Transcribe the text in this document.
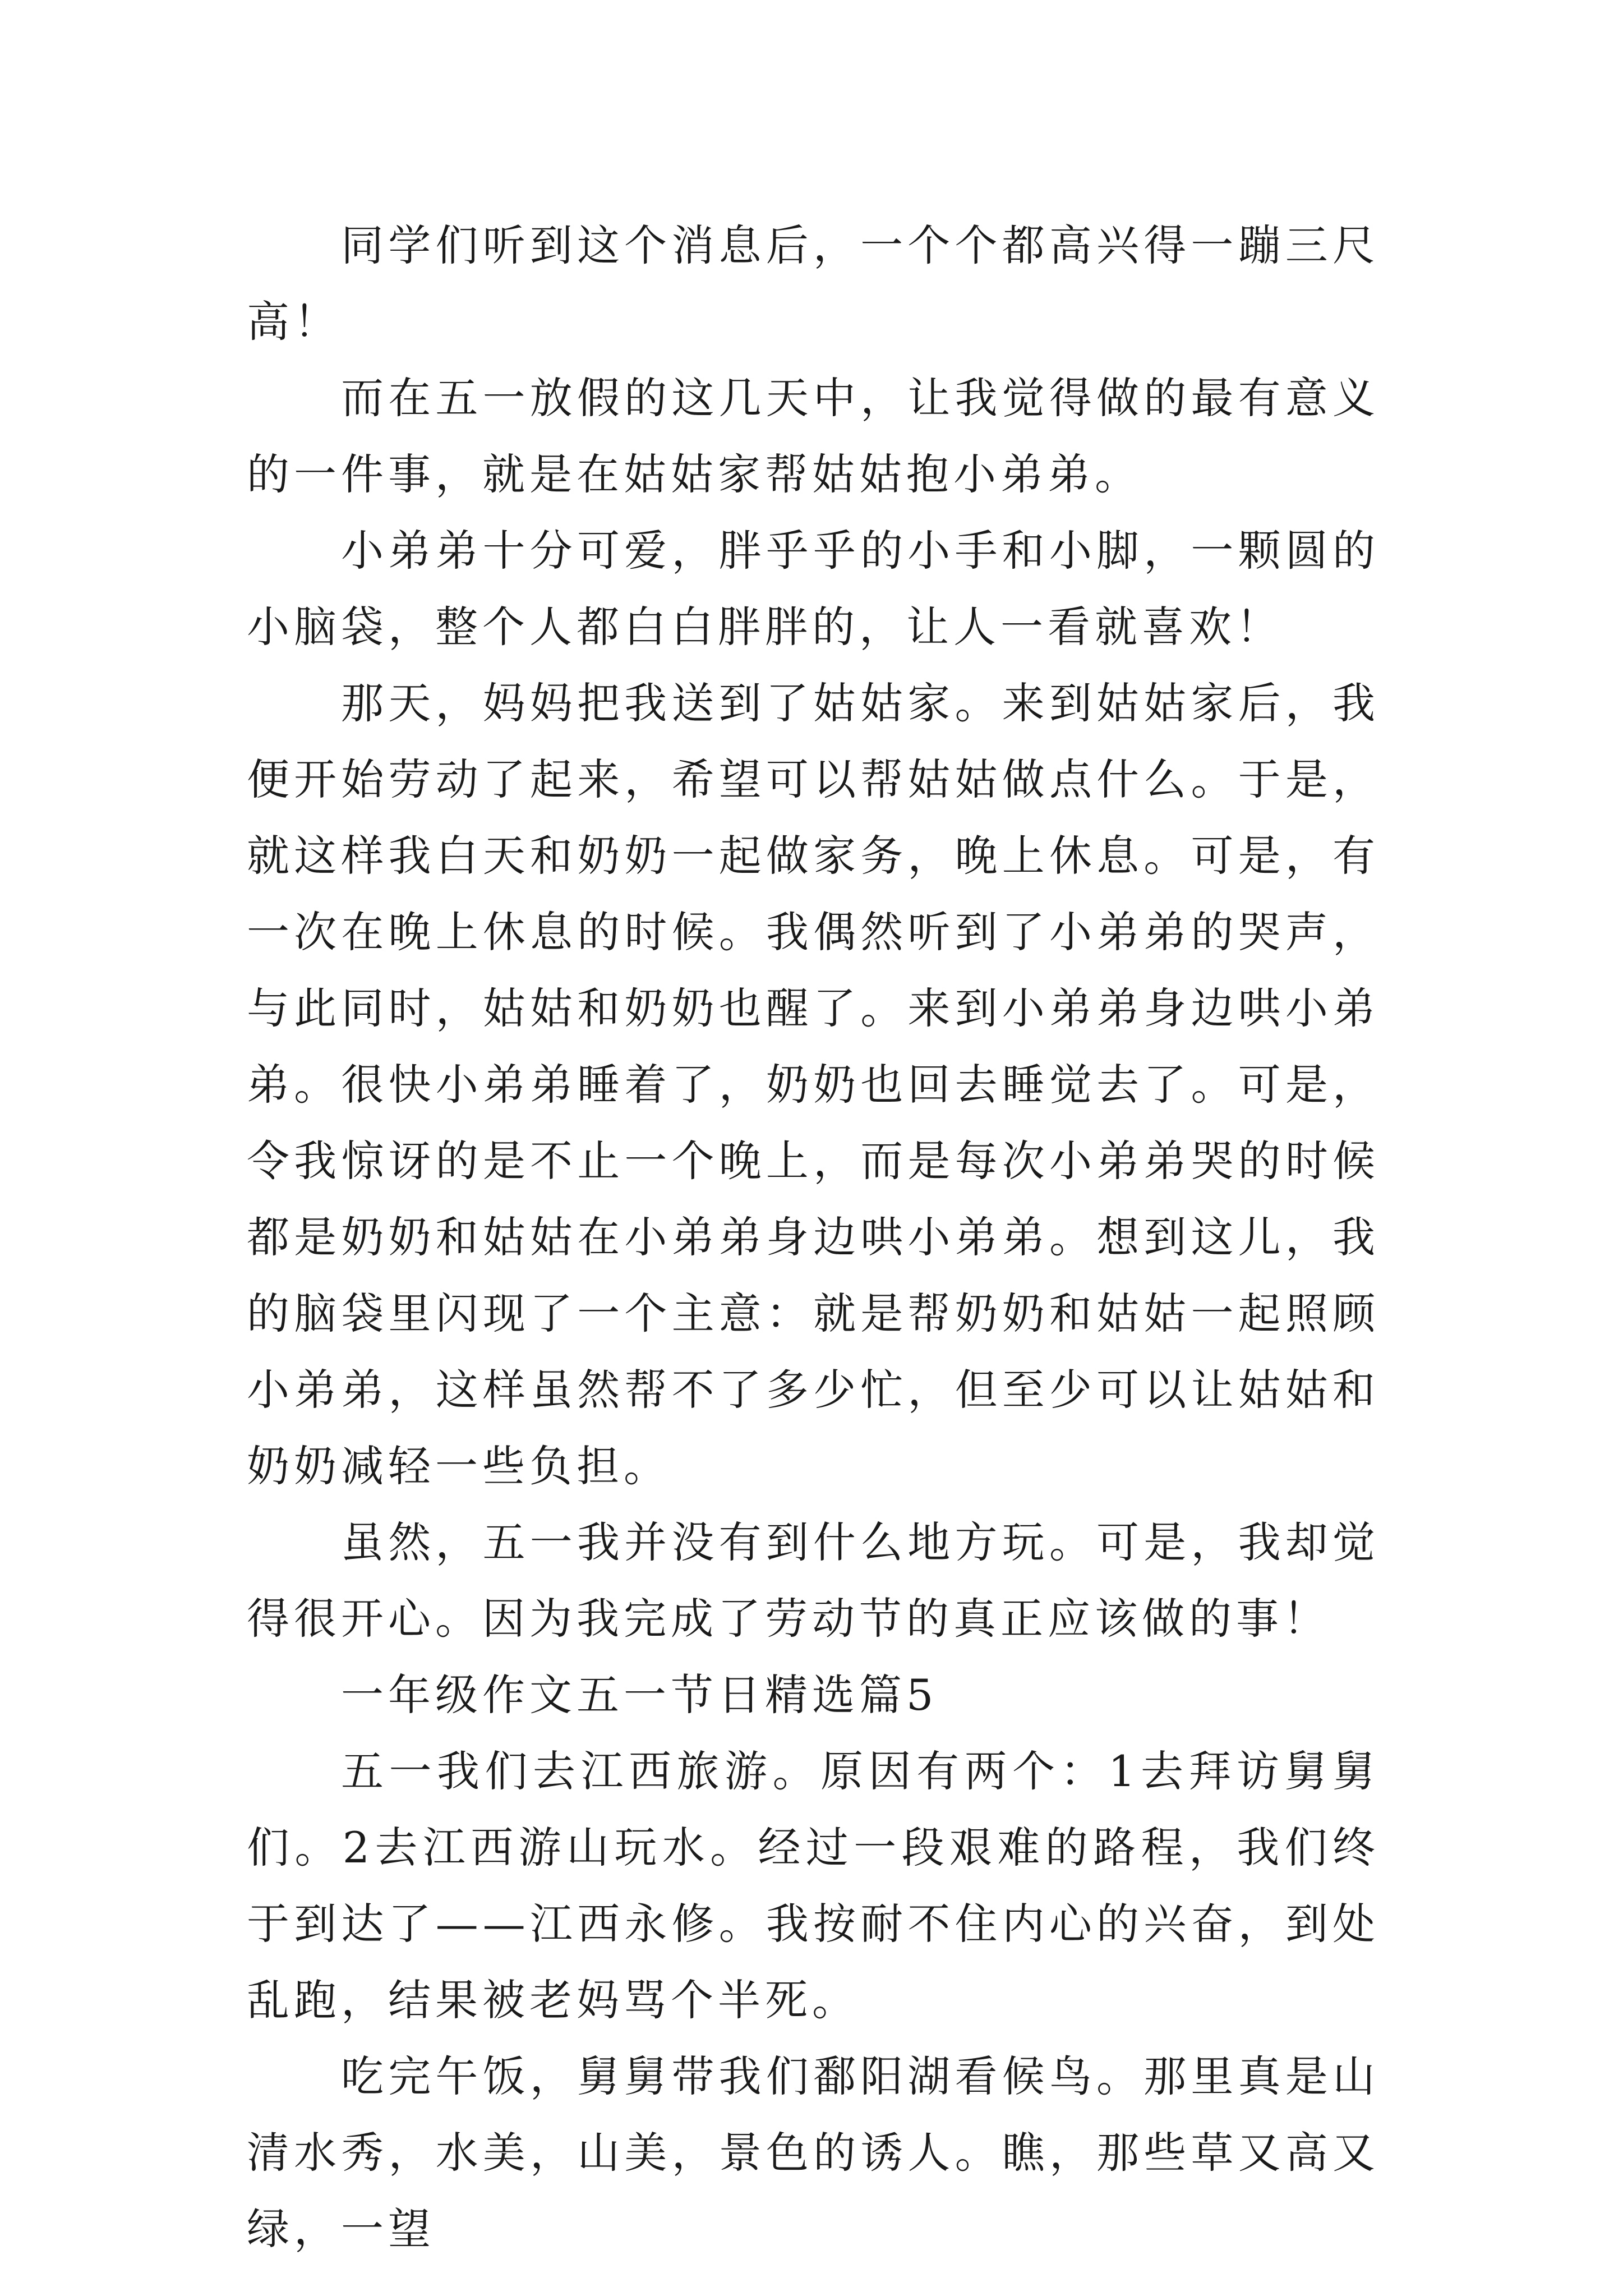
同学们听到这个消息后，一个个都高兴得一蹦三尺高！

而在五一放假的这几天中，让我觉得做的最有意义的一件事，就是在姑姑家帮姑姑抱小弟弟。

小弟弟十分可爱，胖乎乎的小手和小脚，一颗圆的小脑袋，整个人都白白胖胖的，让人一看就喜欢！

那天，妈妈把我送到了姑姑家。来到姑姑家后，我便开始劳动了起来，希望可以帮姑姑做点什么。于是，就这样我白天和奶奶一起做家务，晚上休息。可是，有一次在晚上休息的时候。我偶然听到了小弟弟的哭声，与此同时，姑姑和奶奶也醒了。来到小弟弟身边哄小弟弟。很快小弟弟睡着了，奶奶也回去睡觉去了。可是，令我惊讶的是不止一个晚上，而是每次小弟弟哭的时候都是奶奶和姑姑在小弟弟身边哄小弟弟。想到这儿，我的脑袋里闪现了一个主意：就是帮奶奶和姑姑一起照顾小弟弟，这样虽然帮不了多少忙，但至少可以让姑姑和奶奶减轻一些负担。

虽然，五一我并没有到什么地方玩。可是，我却觉得很开心。因为我完成了劳动节的真正应该做的事！

一年级作文五一节日精选篇5

五一我们去江西旅游。原因有两个：1去拜访舅舅们。2去江西游山玩水。经过一段艰难的路程，我们终于到达了——江西永修。我按耐不住内心的兴奋，到处乱跑，结果被老妈骂个半死。

吃完午饭，舅舅带我们鄱阳湖看候鸟。那里真是山清水秀，水美，山美，景色的诱人。瞧，那些草又高又绿，一望
